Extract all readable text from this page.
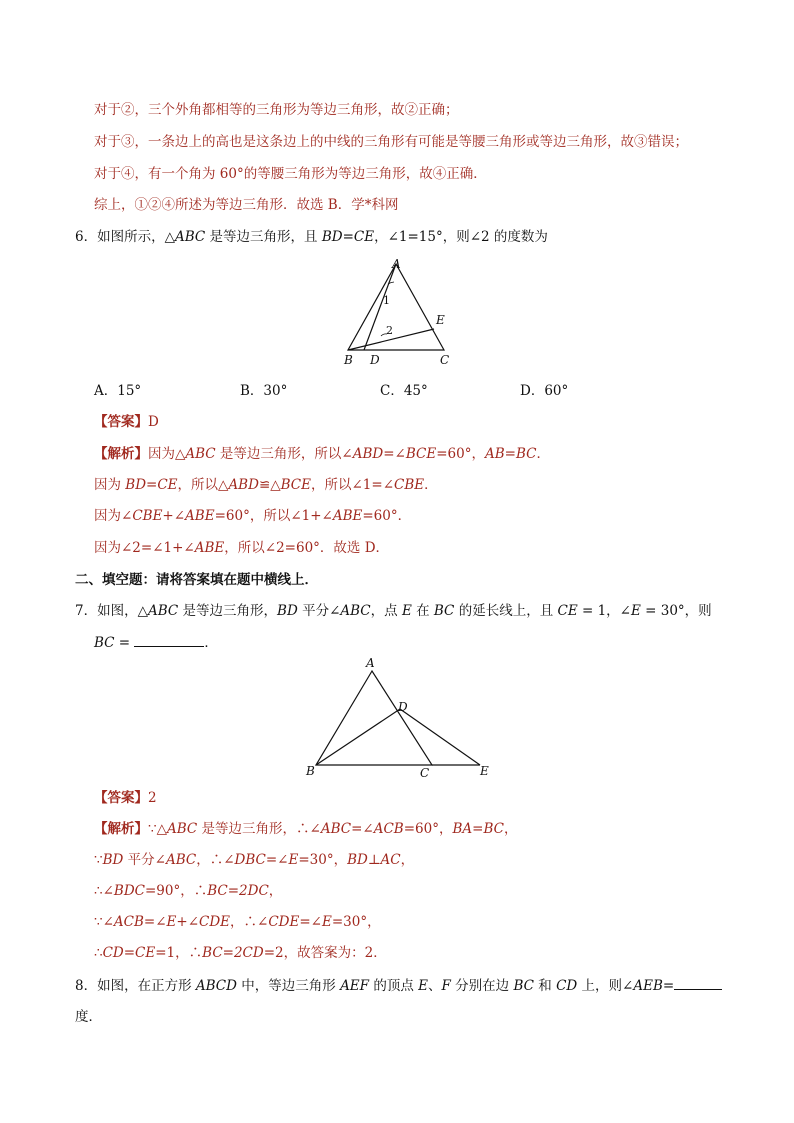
对于②，三个外角都相等的三角形为等边三角形，故②正确；
对于③，一条边上的高也是这条边上的中线的三角形有可能是等腰三角形或等边三角形，故③错误；
对于④，有一个角为 60°的等腰三角形为等边三角形，故④正确．
综上，①②④所述为等边三角形．故选 B．学*科网
6．如图所示，△ABC 是等边三角形，且 BD=CE，∠1=15°，则∠2 的度数为
A
B D	C
E
1
2
A．15°	B．30°	C．45°	D．60°
【答案】D
【解析】因为△ABC 是等边三角形，所以∠ABD=∠BCE=60°，AB=BC．
因为 BD=CE，所以△ABD≌△BCE，所以∠1=∠CBE．
因为∠CBE+∠ABE=60°，所以∠1+∠ABE=60°．
因为∠2=∠1+∠ABE，所以∠2=60°．故选 D．
二、填空题：请将答案填在题中横线上．
7．如图，△ABC 是等边三角形，BD 平分∠ABC，点 E 在 BC 的延长线上，且 CE = 1，∠E = 30°，则
BC =	．
A
B	C
D
E
【答案】2
【解析】∵△ABC 是等边三角形，∴∠ABC=∠ACB=60°，BA=BC，
∵BD 平分∠ABC，∴∠DBC=∠E=30°，BD⊥AC，
∴∠BDC=90°，∴BC=2DC，
∵∠ACB=∠E+∠CDE，∴∠CDE=∠E=30°，
∴CD=CE=1，∴BC=2CD=2，故答案为：2．
8．如图，在正方形 ABCD 中，等边三角形 AEF 的顶点 E、F 分别在边 BC 和 CD 上，则∠AEB=
度．
